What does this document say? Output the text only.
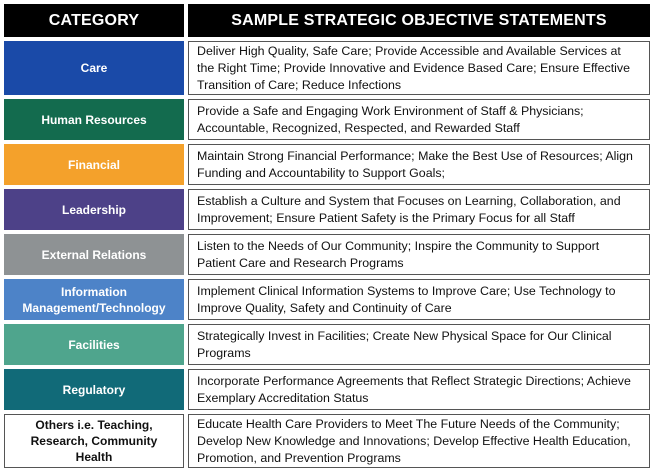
CATEGORY	SAMPLE STRATEGIC OBJECTIVE STATEMENTS
Care
Deliver High Quality, Safe Care; Provide Accessible and Available Services at the Right Time; Provide Innovative and Evidence Based Care; Ensure Effective Transition of Care; Reduce Infections
Human Resources
Provide a Safe and Engaging Work Environment of Staff & Physicians; Accountable, Recognized, Respected, and Rewarded Staff
Financial
Maintain Strong Financial Performance; Make the Best Use of Resources; Align Funding and Accountability to Support Goals;
Leadership
Establish a Culture and System that Focuses on Learning, Collaboration, and Improvement; Ensure Patient Safety is the Primary Focus for all Staff
External Relations
Listen to the Needs of Our Community; Inspire the Community to Support Patient Care and Research Programs
Information Management/Technology
Implement Clinical Information Systems to Improve Care; Use Technology to Improve Quality, Safety and Continuity of Care
Facilities
Strategically Invest in Facilities; Create New Physical Space for Our Clinical Programs
Regulatory
Incorporate Performance Agreements that Reflect Strategic Directions; Achieve Exemplary Accreditation Status
Others i.e. Teaching, Research, Community Health
Educate Health Care Providers to Meet The Future Needs of the Community; Develop New Knowledge and Innovations; Develop Effective Health Education, Promotion, and Prevention Programs
